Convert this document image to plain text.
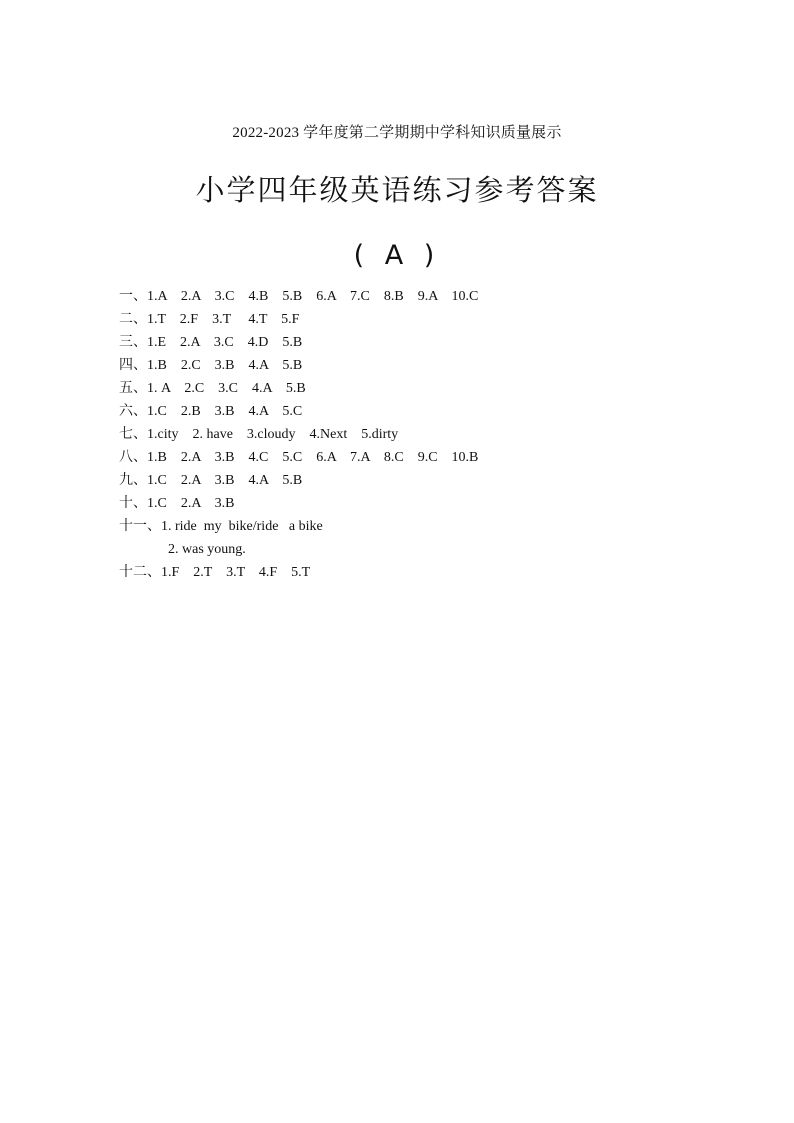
2022-2023 学年度第二学期期中学科知识质量展示
小学四年级英语练习参考答案
( A )
一、1.A    2.A    3.C    4.B    5.B    6.A    7.C    8.B    9.A    10.C
二、1.T    2.F    3.T     4.T    5.F
三、1.E    2.A    3.C    4.D    5.B
四、1.B    2.C    3.B    4.A    5.B
五、1. A    2.C    3.C    4.A    5.B
六、1.C    2.B    3.B    4.A    5.C
七、1.city    2. have    3.cloudy    4.Next    5.dirty
八、1.B    2.A    3.B    4.C    5.C    6.A    7.A    8.C    9.C    10.B
九、1.C    2.A    3.B    4.A    5.B
十、1.C    2.A    3.B
十一、1. ride  my  bike/ride   a bike
2. was young.
十二、1.F    2.T    3.T    4.F    5.T
